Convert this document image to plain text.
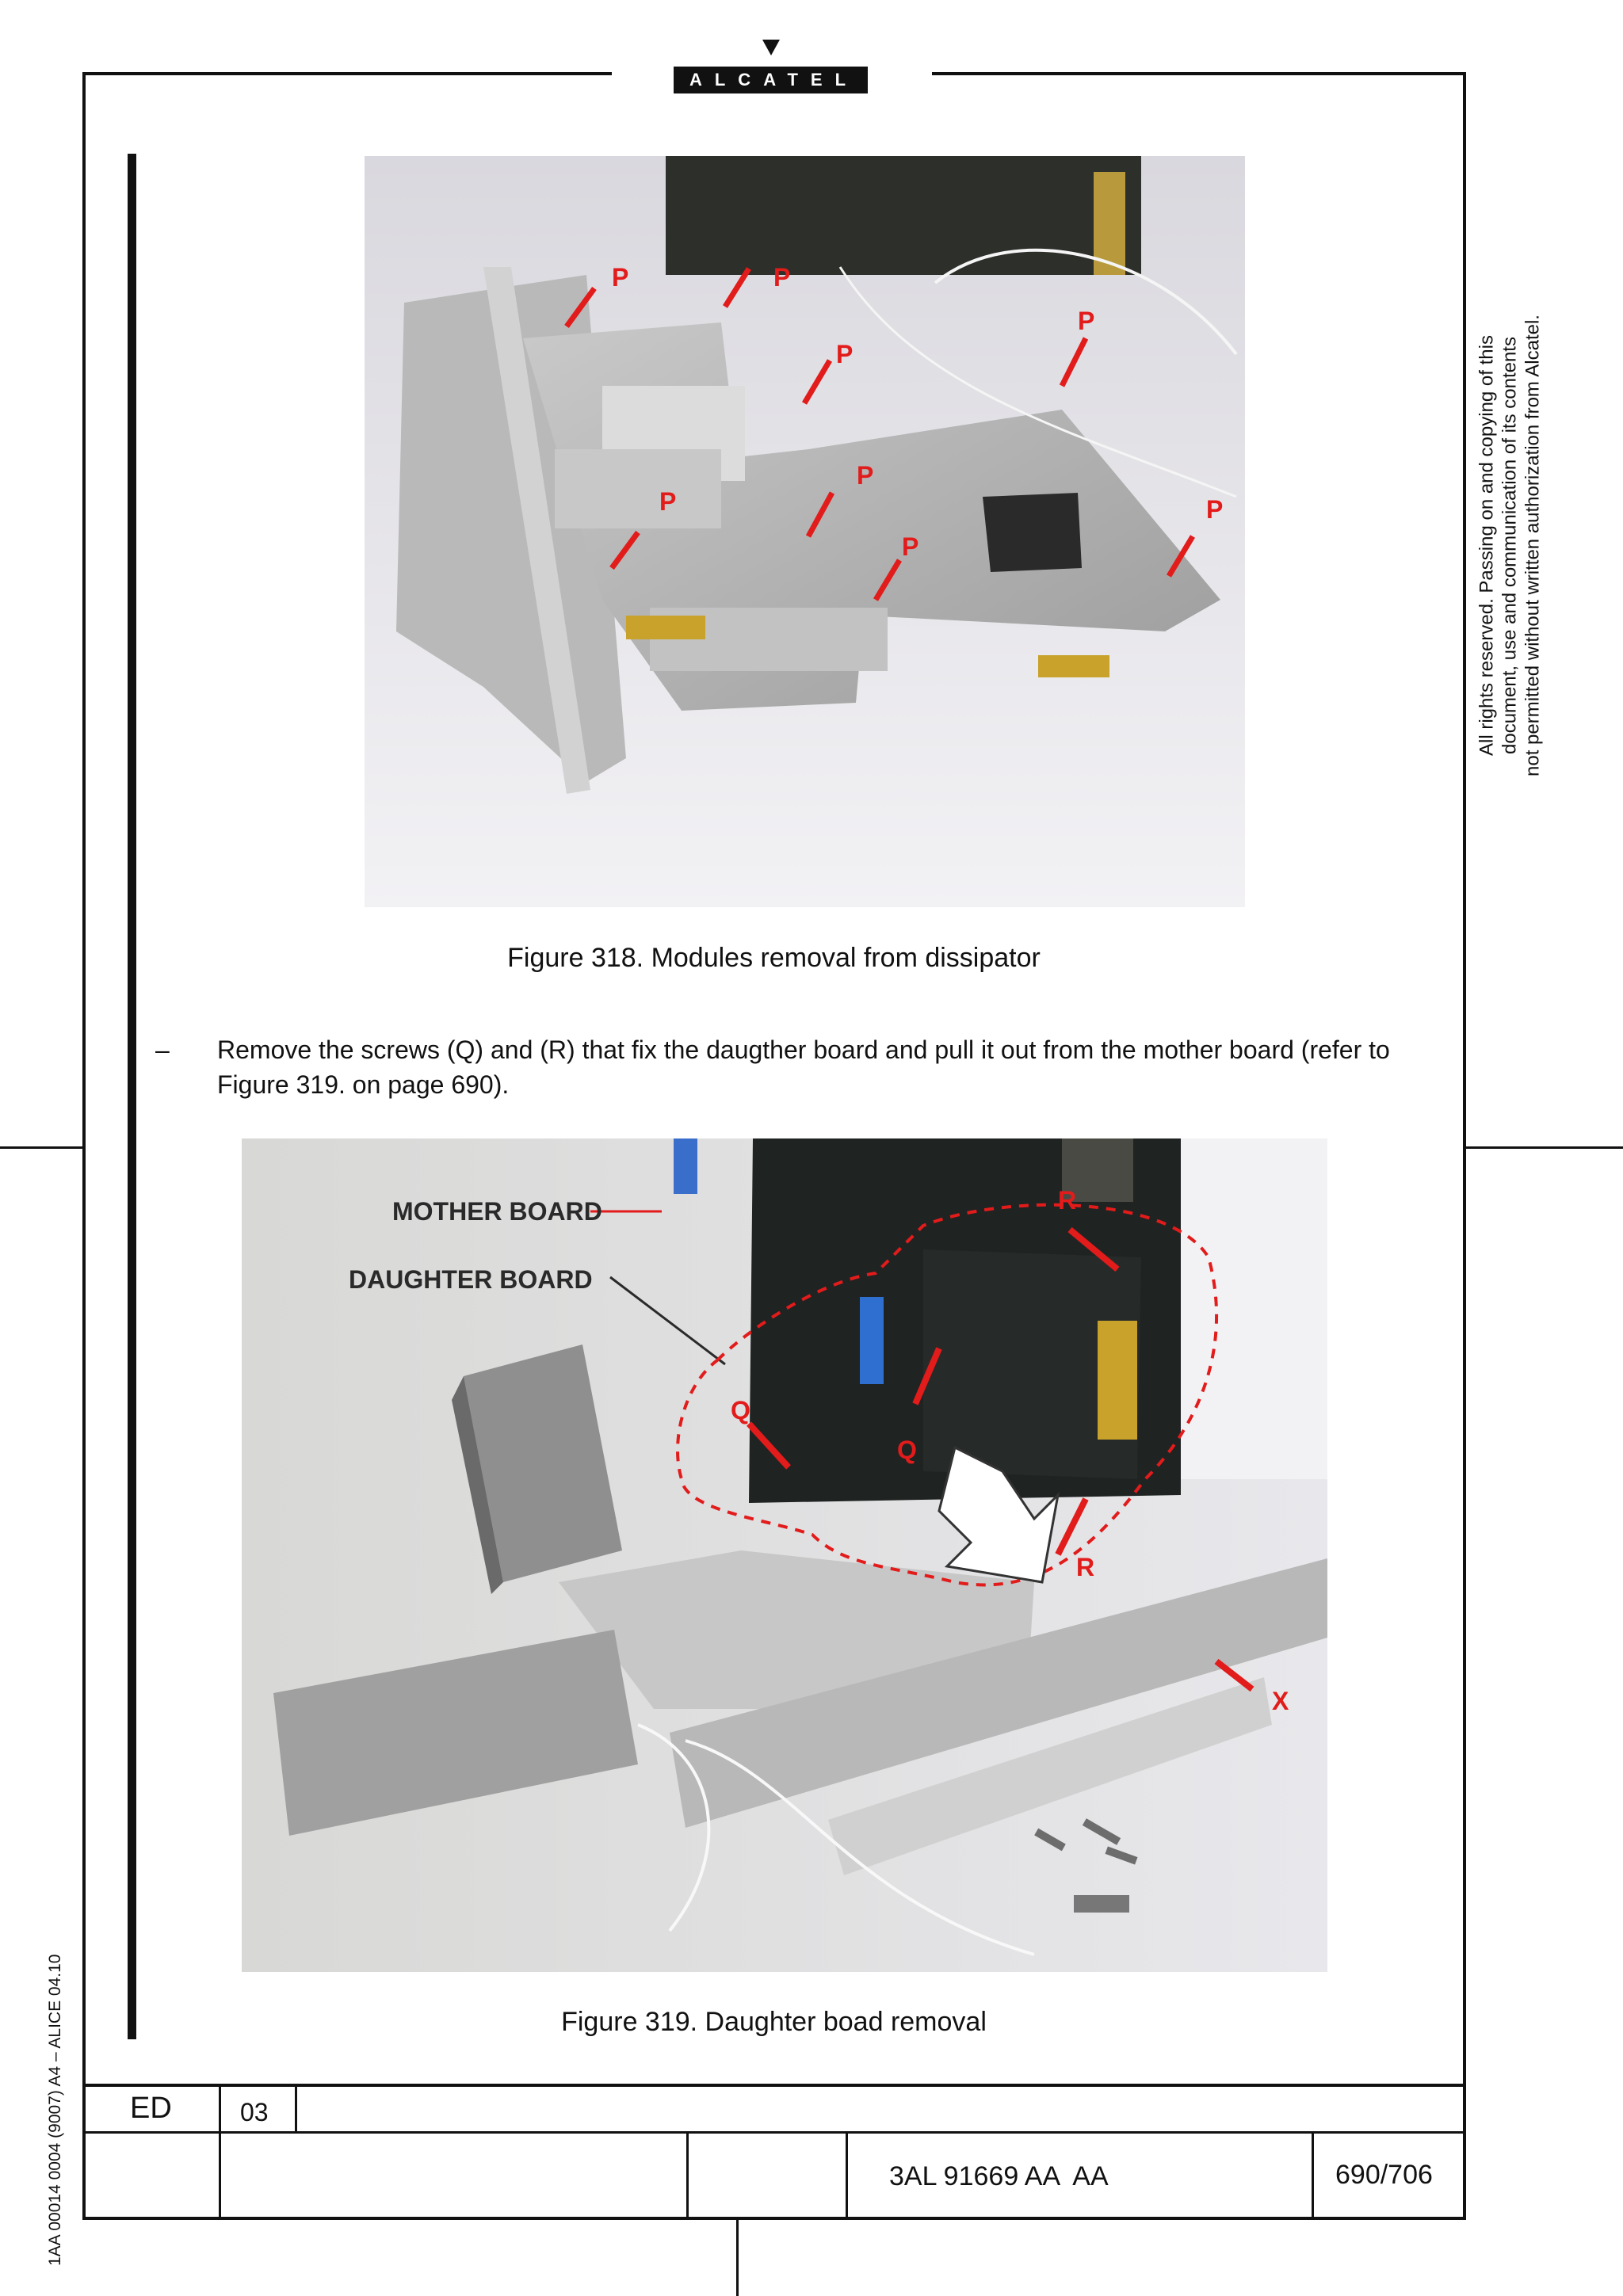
ALCATEL
All rights reserved. Passing on and copying of this document, use and communication of its contents not permitted without written authorization from Alcatel.
1AA 00014 0004 (9007) A4 – ALICE 04.10
P	P
P
P
P
P
P
P
Figure 318. Modules removal from dissipator
– Remove the screws (Q) and (R) that fix the daugther board and pull it out from the mother board (refer to Figure 319. on page 690).
MOTHER BOARD
DAUGHTER BOARD
R
Q
Q
R
X
Figure 319. Daughter boad removal
ED	03
3AL 91669 AA  AA	690/706
